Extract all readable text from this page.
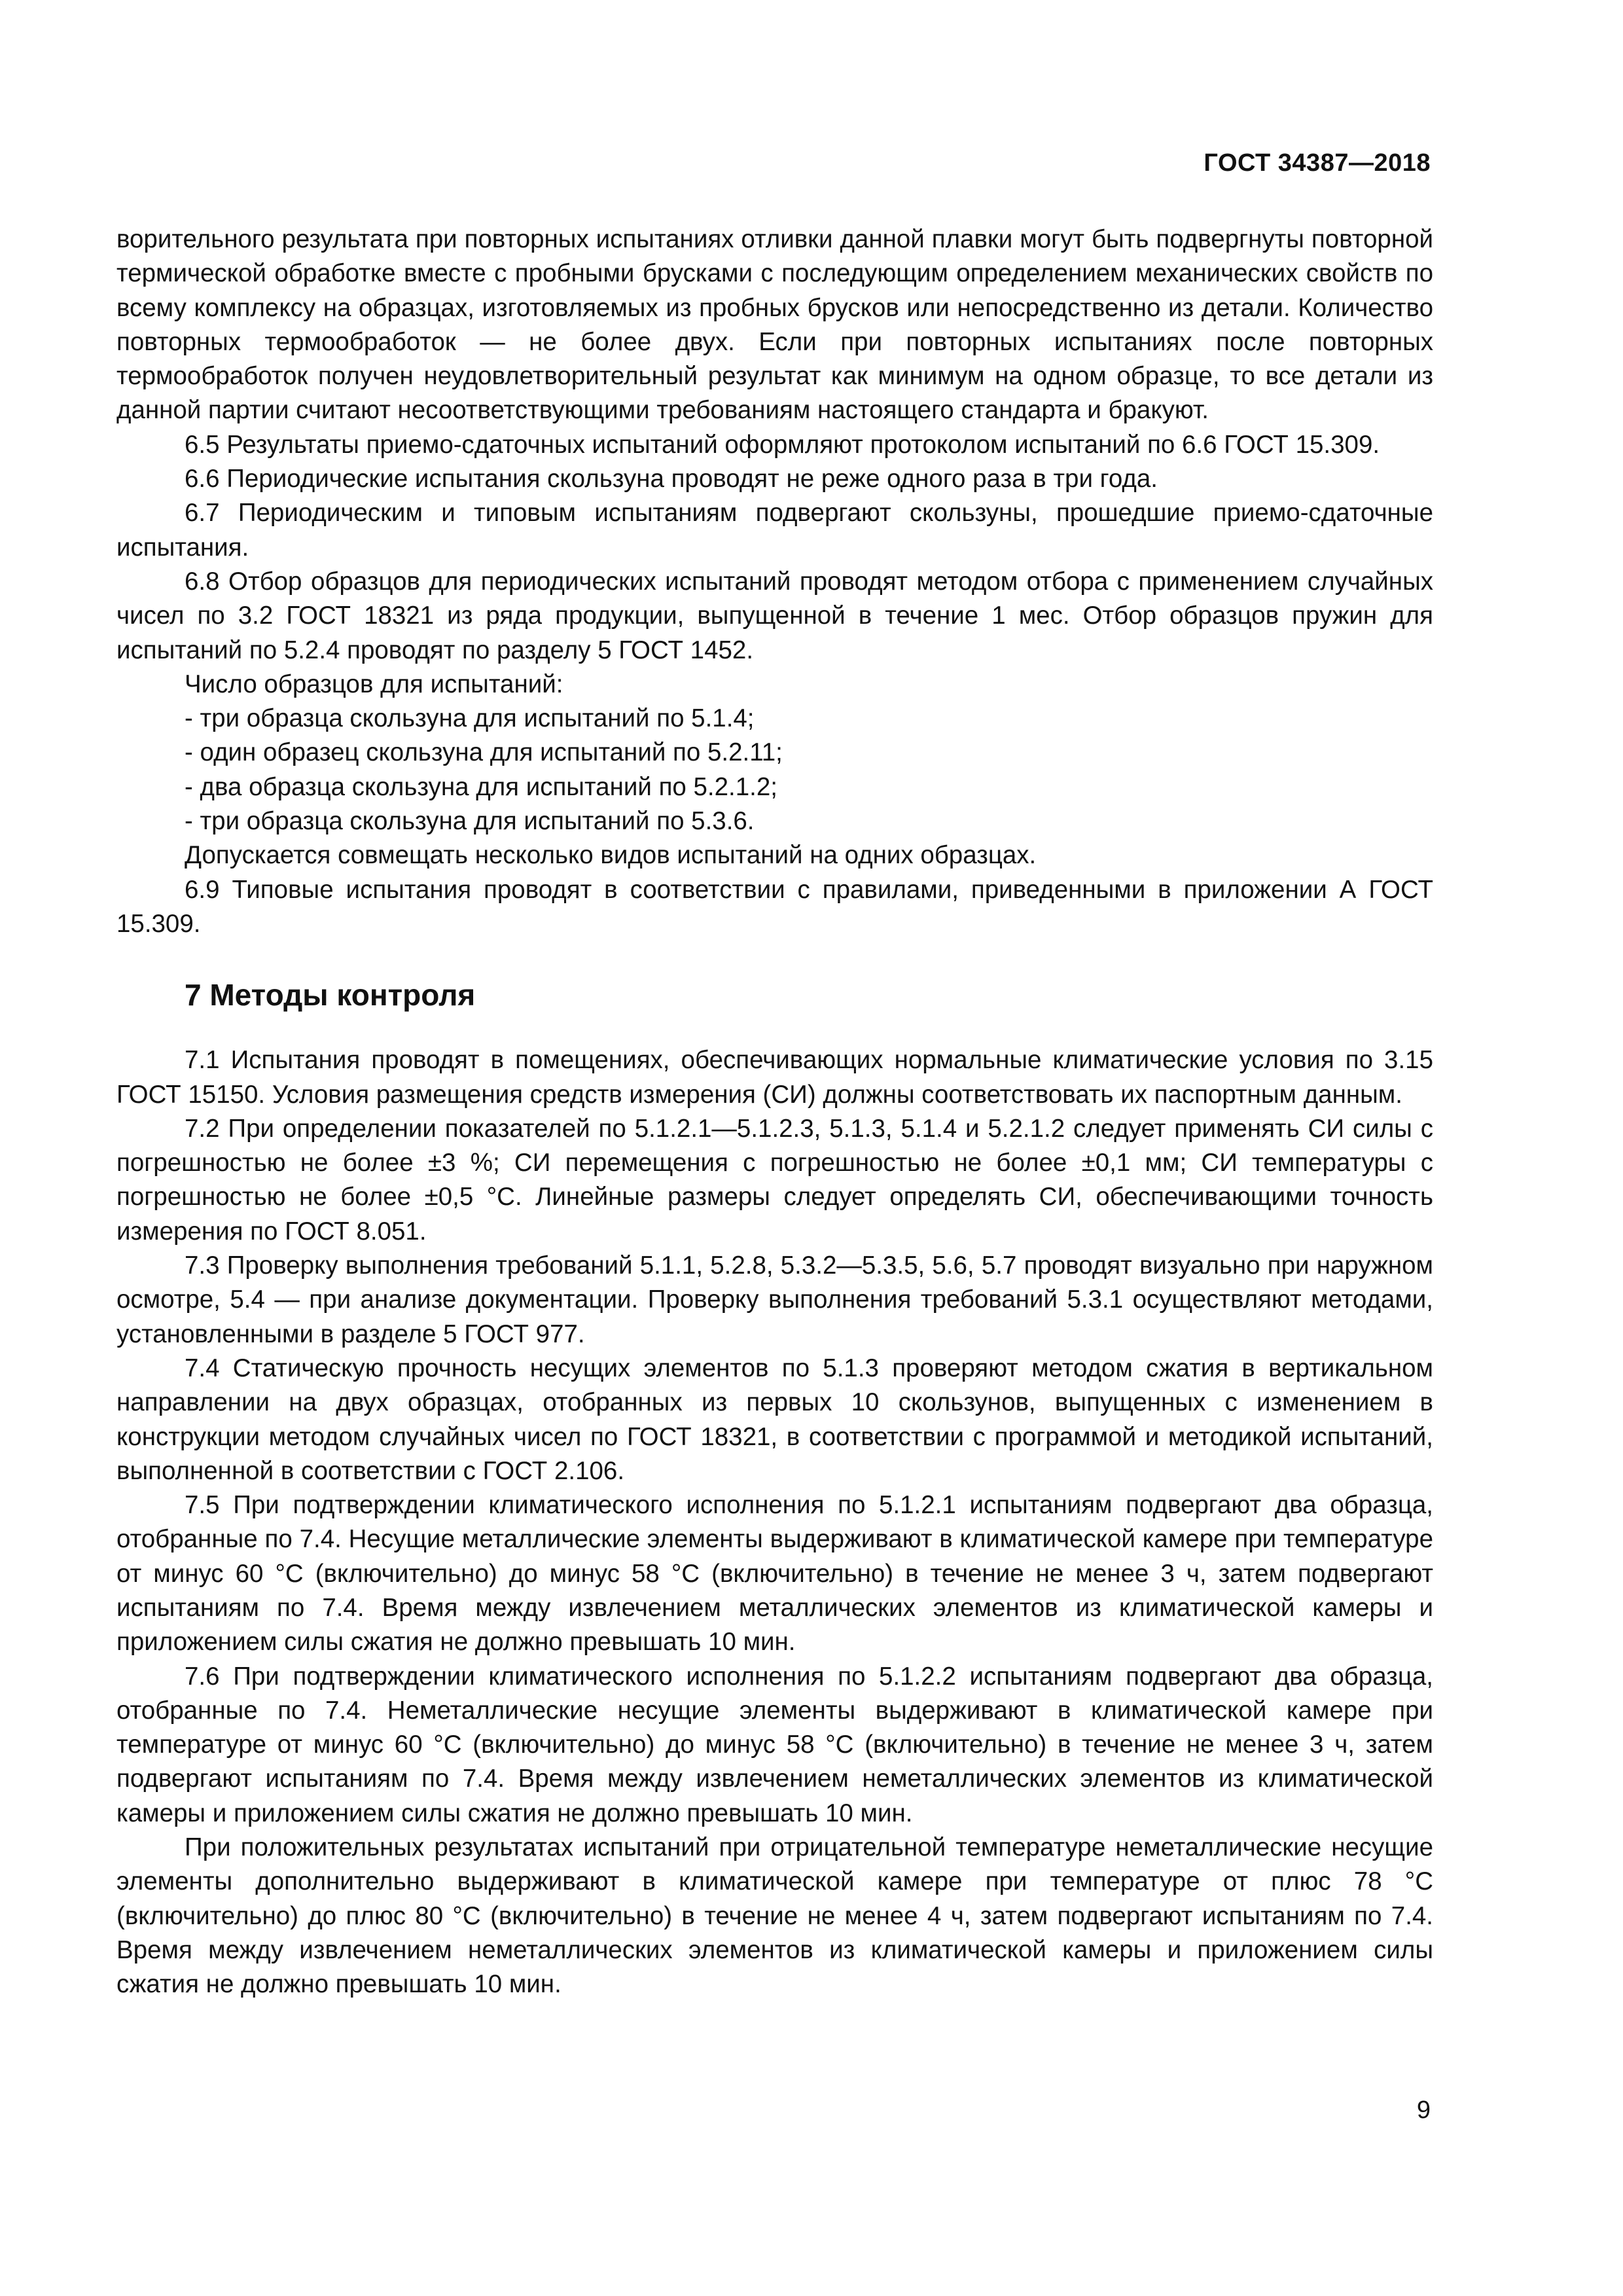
ГОСТ 34387—2018

ворительного результата при повторных испытаниях отливки данной плавки могут быть подвергнуты повторной термической обработке вместе с пробными брусками с последующим определением механических свойств по всему комплексу на образцах, изготовляемых из пробных брусков или непосредственно из детали. Количество повторных термообработок — не более двух. Если при повторных испытаниях после повторных термообработок получен неудовлетворительный результат как минимум на одном образце, то все детали из данной партии считают несоответствующими требованиям настоящего стандарта и бракуют.

6.5 Результаты приемо-сдаточных испытаний оформляют протоколом испытаний по 6.6 ГОСТ 15.309.

6.6 Периодические испытания скользуна проводят не реже одного раза в три года.

6.7 Периодическим и типовым испытаниям подвергают скользуны, прошедшие приемо-сдаточные испытания.

6.8 Отбор образцов для периодических испытаний проводят методом отбора с применением случайных чисел по 3.2 ГОСТ 18321 из ряда продукции, выпущенной в течение 1 мес. Отбор образцов пружин для испытаний по 5.2.4 проводят по разделу 5 ГОСТ 1452.

Число образцов для испытаний:

- три образца скользуна для испытаний по 5.1.4;

- один образец скользуна для испытаний по 5.2.11;

- два образца скользуна для испытаний по 5.2.1.2;

- три образца скользуна для испытаний по 5.3.6.

Допускается совмещать несколько видов испытаний на одних образцах.

6.9 Типовые испытания проводят в соответствии с правилами, приведенными в приложении А ГОСТ 15.309.

7 Методы контроля

7.1 Испытания проводят в помещениях, обеспечивающих нормальные климатические условия по 3.15 ГОСТ 15150. Условия размещения средств измерения (СИ) должны соответствовать их паспортным данным.

7.2 При определении показателей по 5.1.2.1—5.1.2.3, 5.1.3, 5.1.4 и 5.2.1.2 следует применять СИ силы с погрешностью не более ±3 %; СИ перемещения с погрешностью не более ±0,1 мм; СИ температуры с погрешностью не более ±0,5 °С. Линейные размеры следует определять СИ, обеспечивающими точность измерения по ГОСТ 8.051.

7.3 Проверку выполнения требований 5.1.1, 5.2.8, 5.3.2—5.3.5, 5.6, 5.7 проводят визуально при наружном осмотре, 5.4 — при анализе документации. Проверку выполнения требований 5.3.1 осуществляют методами, установленными в разделе 5 ГОСТ 977.

7.4 Статическую прочность несущих элементов по 5.1.3 проверяют методом сжатия в вертикальном направлении на двух образцах, отобранных из первых 10 скользунов, выпущенных с изменением в конструкции методом случайных чисел по ГОСТ 18321, в соответствии с программой и методикой испытаний, выполненной в соответствии с ГОСТ 2.106.

7.5 При подтверждении климатического исполнения по 5.1.2.1 испытаниям подвергают два образца, отобранные по 7.4. Несущие металлические элементы выдерживают в климатической камере при температуре от минус 60 °С (включительно) до минус 58 °С (включительно) в течение не менее 3 ч, затем подвергают испытаниям по 7.4. Время между извлечением металлических элементов из климатической камеры и приложением силы сжатия не должно превышать 10 мин.

7.6 При подтверждении климатического исполнения по 5.1.2.2 испытаниям подвергают два образца, отобранные по 7.4. Неметаллические несущие элементы выдерживают в климатической камере при температуре от минус 60 °С (включительно) до минус 58 °С (включительно) в течение не менее 3 ч, затем подвергают испытаниям по 7.4. Время между извлечением неметаллических элементов из климатической камеры и приложением силы сжатия не должно превышать 10 мин.

При положительных результатах испытаний при отрицательной температуре неметаллические несущие элементы дополнительно выдерживают в климатической камере при температуре от плюс 78 °С (включительно) до плюс 80 °С (включительно) в течение не менее 4 ч, затем подвергают испытаниям по 7.4. Время между извлечением неметаллических элементов из климатической камеры и приложением силы сжатия не должно превышать 10 мин.

9
